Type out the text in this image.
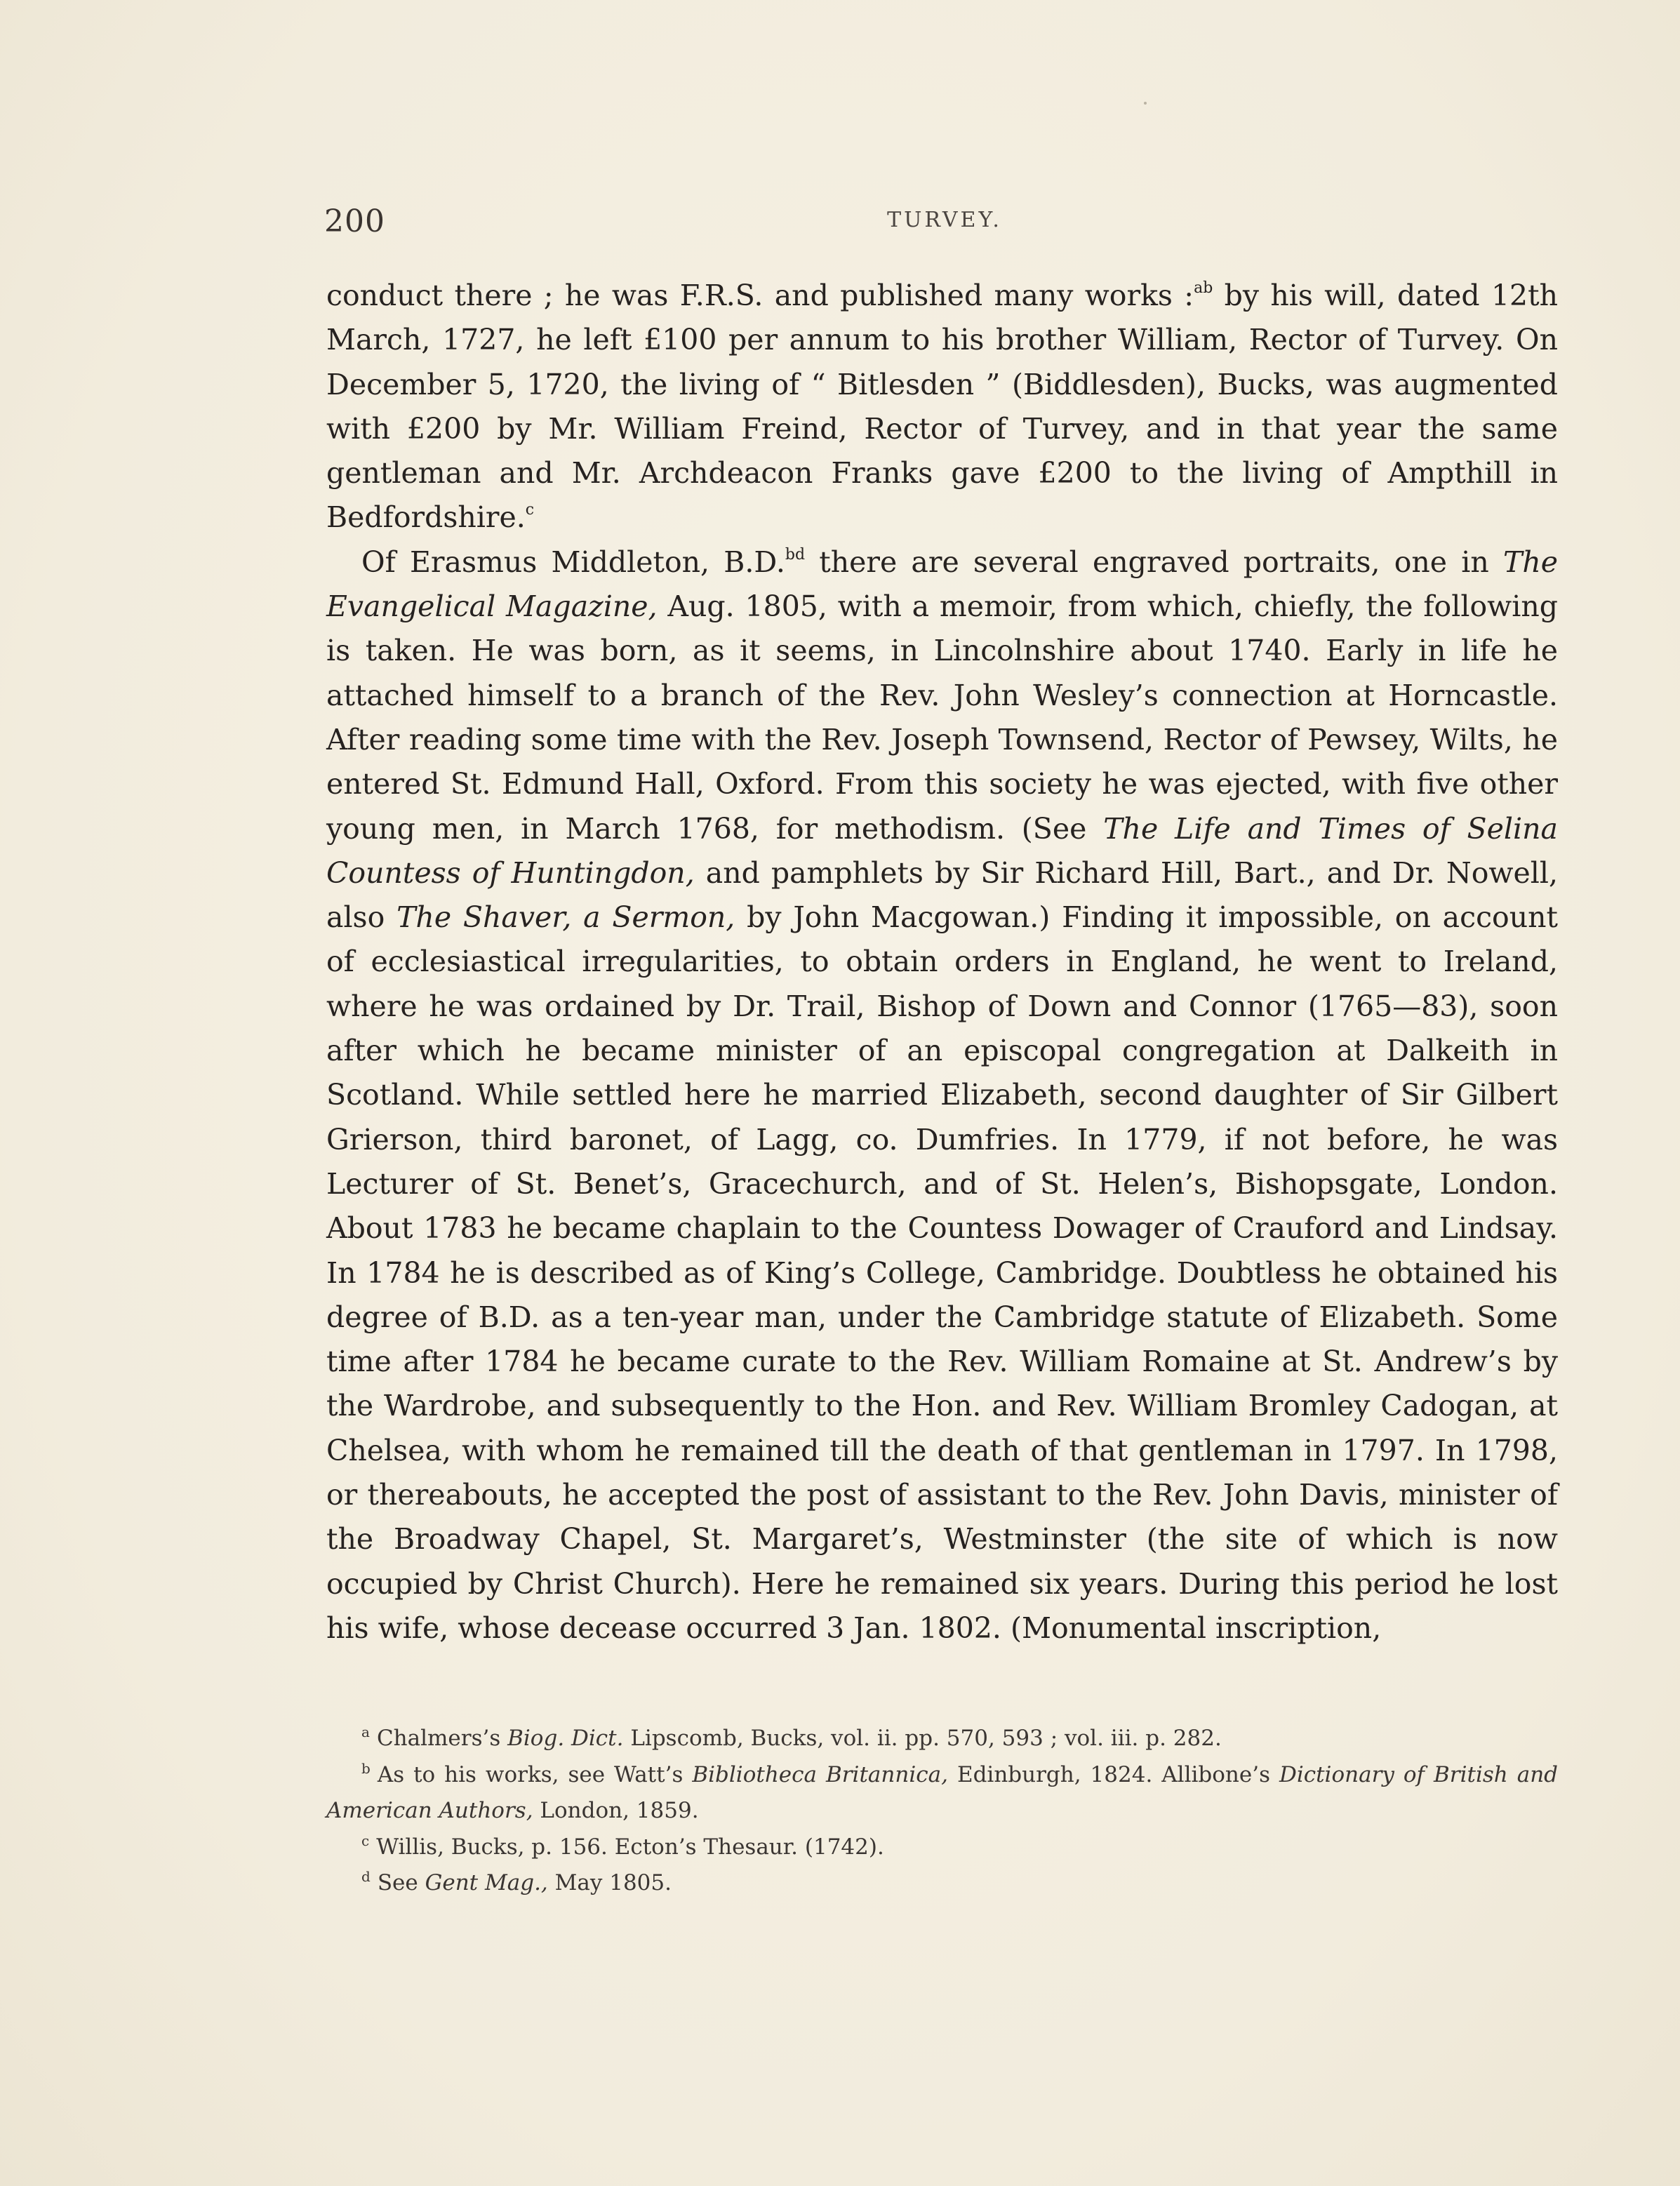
200	TURVEY.

conduct there ; he was F.R.S. and published many works :$^{ab}$ by his will, dated 12th March, 1727, he left £100 per annum to his brother William, Rector of Turvey. On December 5, 1720, the living of “ Bitlesden ” (Biddlesden), Bucks, was augmented with £200 by Mr. William Freind, Rector of Turvey, and in that year the same gentleman and Mr. Archdeacon Franks gave £200 to the living of Ampthill in Bedfordshire.$^c$

Of Erasmus Middleton, B.D.$^{bd}$ there are several engraved portraits, one in The Evangelical Magazine, Aug. 1805, with a memoir, from which, chiefly, the following is taken. He was born, as it seems, in Lincolnshire about 1740. Early in life he attached himself to a branch of the Rev. John Wesley’s connection at Horncastle. After reading some time with the Rev. Joseph Townsend, Rector of Pewsey, Wilts, he entered St. Edmund Hall, Oxford. From this society he was ejected, with five other young men, in March 1768, for methodism. (See The Life and Times of Selina Countess of Huntingdon, and pamphlets by Sir Richard Hill, Bart., and Dr. Nowell, also The Shaver, a Sermon, by John Macgowan.) Finding it impossible, on account of ecclesiastical irregularities, to obtain orders in England, he went to Ireland, where he was ordained by Dr. Trail, Bishop of Down and Connor (1765—83), soon after which he became minister of an episcopal congregation at Dalkeith in Scotland. While settled here he married Elizabeth, second daughter of Sir Gilbert Grierson, third baronet, of Lagg, co. Dumfries. In 1779, if not before, he was Lecturer of St. Benet’s, Gracechurch, and of St. Helen’s, Bishopsgate, London. About 1783 he became chaplain to the Countess Dowager of Crauford and Lindsay. In 1784 he is described as of King’s College, Cambridge. Doubtless he obtained his degree of B.D. as a ten-year man, under the Cambridge statute of Elizabeth. Some time after 1784 he became curate to the Rev. William Romaine at St. Andrew’s by the Wardrobe, and subsequently to the Hon. and Rev. William Bromley Cadogan, at Chelsea, with whom he remained till the death of that gentleman in 1797. In 1798, or thereabouts, he accepted the post of assistant to the Rev. John Davis, minister of the Broadway Chapel, St. Margaret’s, Westminster (the site of which is now occupied by Christ Church). Here he remained six years. During this period he lost his wife, whose decease occurred 3 Jan. 1802. (Monumental inscription,

$^a$ Chalmers’s Biog. Dict. Lipscomb, Bucks, vol. ii. pp. 570, 593 ; vol. iii. p. 282.

$^b$ As to his works, see Watt’s Bibliotheca Britannica, Edinburgh, 1824. Allibone’s Dictionary of British and American Authors, London, 1859.

$^c$ Willis, Bucks, p. 156. Ecton’s Thesaur. (1742).

$^d$ See Gent Mag., May 1805.
